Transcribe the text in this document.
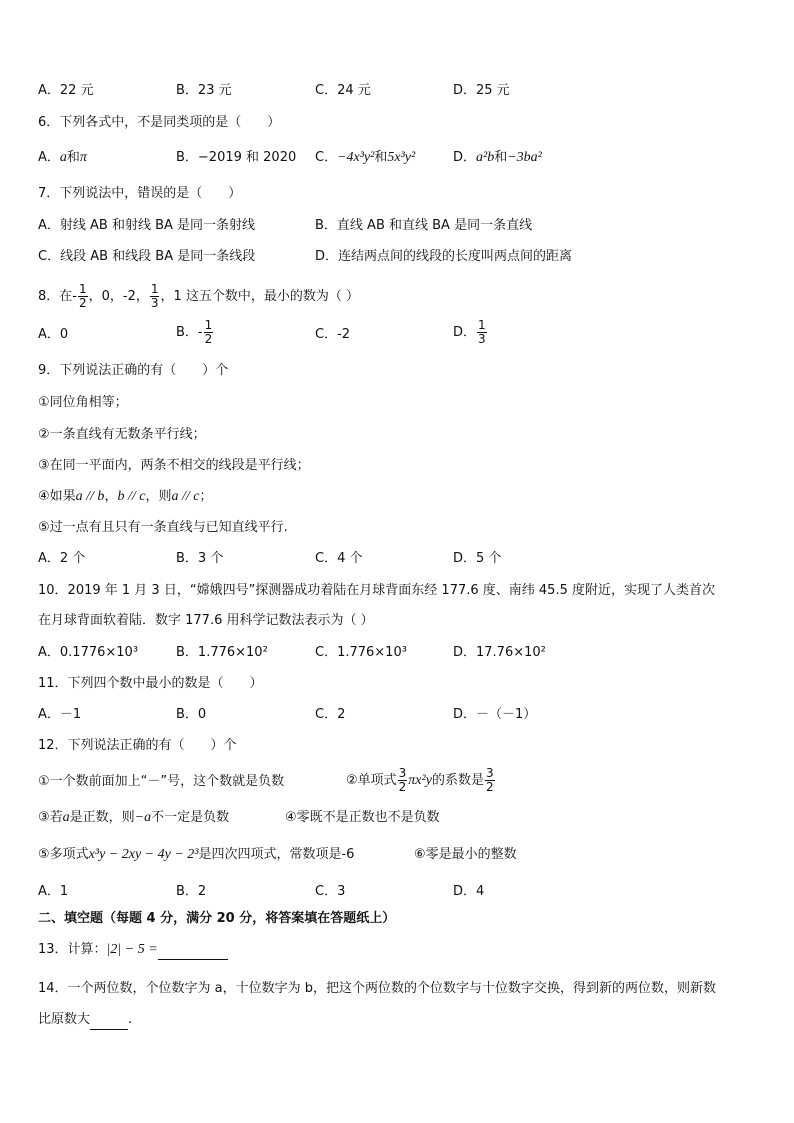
A．22 元	B．23 元	C．24 元	D．25 元
6．下列各式中，不是同类项的是（　　）
A．a和π	B．−2019 和 2020 C．−4x³y²和5x³y²	D．a²b和−3ba²
7．下列说法中，错误的是（　　）
A．射线 AB 和射线 BA 是同一条射线	B．直线 AB 和直线 BA 是同一条直线
C．线段 AB 和线段 BA 是同一条线段	D．连结两点间的线段的长度叫两点间的距离
8．在- $\frac{1}{2}$ ，0，-2， $\frac{1}{3}$ ，1 这五个数中，最小的数为（ ）
A．0	B．- $\frac{1}{2}$	C．-2	D． $\frac{1}{3}$
9．下列说法正确的有（　　）个
①同位角相等；
②一条直线有无数条平行线；
③在同一平面内，两条不相交的线段是平行线；
④如果a // b，b // c，则a // c；
⑤过一点有且只有一条直线与已知直线平行.
A．2 个	B．3 个	C．4 个	D．5 个
10．2019 年 1 月 3 日，“嫦娥四号”探测器成功着陆在月球背面东经 177.6 度、南纬 45.5 度附近，实现了人类首次
在月球背面软着陆．数字 177.6 用科学记数法表示为（ ）
A．0.1776×10³	B．1.776×10²	C．1.776×10³	D．17.76×10²
11．下列四个数中最小的数是（　　）
A．－1	B．0	C．2	D．－（－1）
12．下列说法正确的有（　　）个
①一个数前面加上“－”号，这个数就是负数	②单项式 $\frac{3}{2} \pi x^2y$的系数是 $\frac{3}{2}$
③若a是正数，则−a不一定是负数	④零既不是正数也不是负数
⑤多项式x³y − 2xy − 4y − 2³是四次四项式，常数项是-6	⑥零是最小的整数
A．1	B．2	C．3	D．4
二、填空题（每题 4 分，满分 20 分，将答案填在答题纸上）
13．计算：|2| − 5 =
14．一个两位数，个位数字为 a，十位数字为 b，把这个两位数的个位数字与十位数字交换，得到新的两位数，则新数
比原数大	.
